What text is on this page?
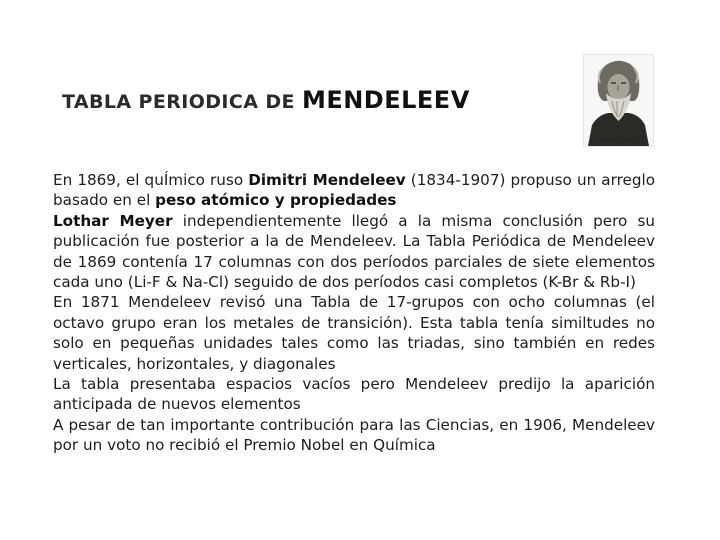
TABLA PERIODICA DE MENDELEEV
Mendeleev

En 1869, el quÍmico ruso Dimitri Mendeleev (1834-1907) propuso un arreglo basado en el peso atómico y propiedades

Lothar Meyer independientemente llegó a la misma conclusión pero su publicación fue posterior a la de Mendeleev. La Tabla Periódica de Mendeleev de 1869 contenía 17 columnas con dos períodos parciales de siete elementos cada uno (Li-F & Na-Cl) seguido de dos períodos casi completos (K-Br & Rb-I)

En 1871 Mendeleev revisó una Tabla de 17-grupos con ocho columnas (el octavo grupo eran los metales de transición). Esta tabla tenía similtudes no solo en pequeñas unidades tales como las triadas, sino también en redes verticales, horizontales, y diagonales

La tabla presentaba espacios vacíos pero Mendeleev predijo la aparición anticipada de nuevos elementos

A pesar de tan importante contribución para las Ciencias, en 1906, Mendeleev por un voto no recibió el Premio Nobel en Química
